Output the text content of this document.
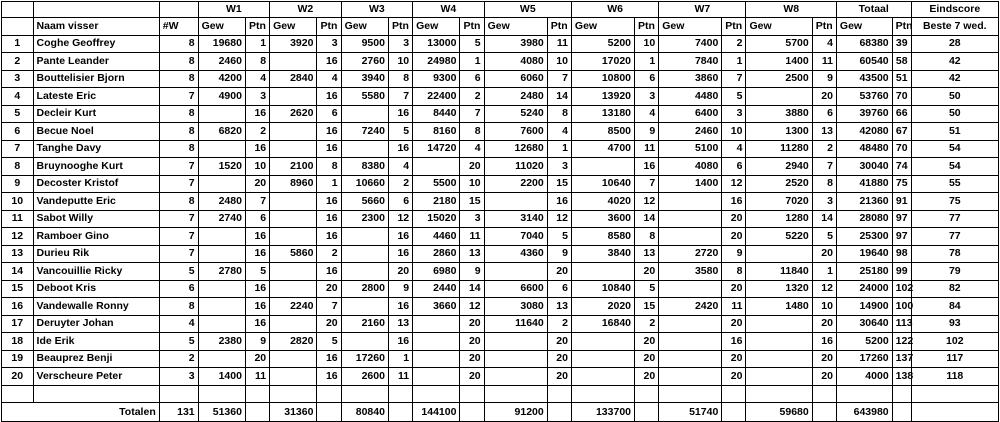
			W1		W2		W3		W4		W5		W6		W7		W8		Totaal		Eindscore
	Naam visser	#W	Gew	Ptn	Gew	Ptn	Gew	Ptn	Gew	Ptn	Gew	Ptn	Gew	Ptn	Gew	Ptn	Gew	Ptn	Gew	Ptn	Beste 7 wed.
1	Coghe Geoffrey	8	19680	1	3920	3	9500	3	13000	5	3980	11	5200	10	7400	2	5700	4	68380	39	28
2	Pante Leander	8	2460	8		16	2760	10	24980	1	4080	10	17020	1	7840	1	1400	11	60540	58	42
3	Bouttelisier Bjorn	8	4200	4	2840	4	3940	8	9300	6	6060	7	10800	6	3860	7	2500	9	43500	51	42
4	Lateste Eric	7	4900	3		16	5580	7	22400	2	2480	14	13920	3	4480	5		20	53760	70	50
5	Decleir Kurt	8		16	2620	6		16	8440	7	5240	8	13180	4	6400	3	3880	6	39760	66	50
6	Becue Noel	8	6820	2		16	7240	5	8160	8	7600	4	8500	9	2460	10	1300	13	42080	67	51
7	Tanghe Davy	8		16		16		16	14720	4	12680	1	4700	11	5100	4	11280	2	48480	70	54
8	Bruynooghe Kurt	7	1520	10	2100	8	8380	4		20	11020	3		16	4080	6	2940	7	30040	74	54
9	Decoster Kristof	7		20	8960	1	10660	2	5500	10	2200	15	10640	7	1400	12	2520	8	41880	75	55
10	Vandeputte Eric	8	2480	7		16	5660	6	2180	15		16	4020	12		16	7020	3	21360	91	75
11	Sabot Willy	7	2740	6		16	2300	12	15020	3	3140	12	3600	14		20	1280	14	28080	97	77
12	Ramboer Gino	7		16		16		16	4460	11	7040	5	8580	8		20	5220	5	25300	97	77
13	Durieu Rik	7		16	5860	2		16	2860	13	4360	9	3840	13	2720	9		20	19640	98	78
14	Vancouillie Ricky	5	2780	5		16		20	6980	9		20		20	3580	8	11840	1	25180	99	79
15	Deboot Kris	6		16		20	2800	9	2440	14	6600	6	10840	5		20	1320	12	24000	102	82
16	Vandewalle Ronny	8		16	2240	7		16	3660	12	3080	13	2020	15	2420	11	1480	10	14900	100	84
17	Deruyter Johan	4		16		20	2160	13		20	11640	2	16840	2		20		20	30640	113	93
18	Ide Erik	5	2380	9	2820	5		16		20		20		20		16		16	5200	122	102
19	Beauprez Benji	2		20		16	17260	1		20		20		20		20		20	17260	137	117
20	Verscheure Peter	3	1400	11		16	2600	11		20		20		20		20		20	4000	138	118

Totalen		131	51360		31360		80840		144100		91200		133700		51740		59680		643980		
